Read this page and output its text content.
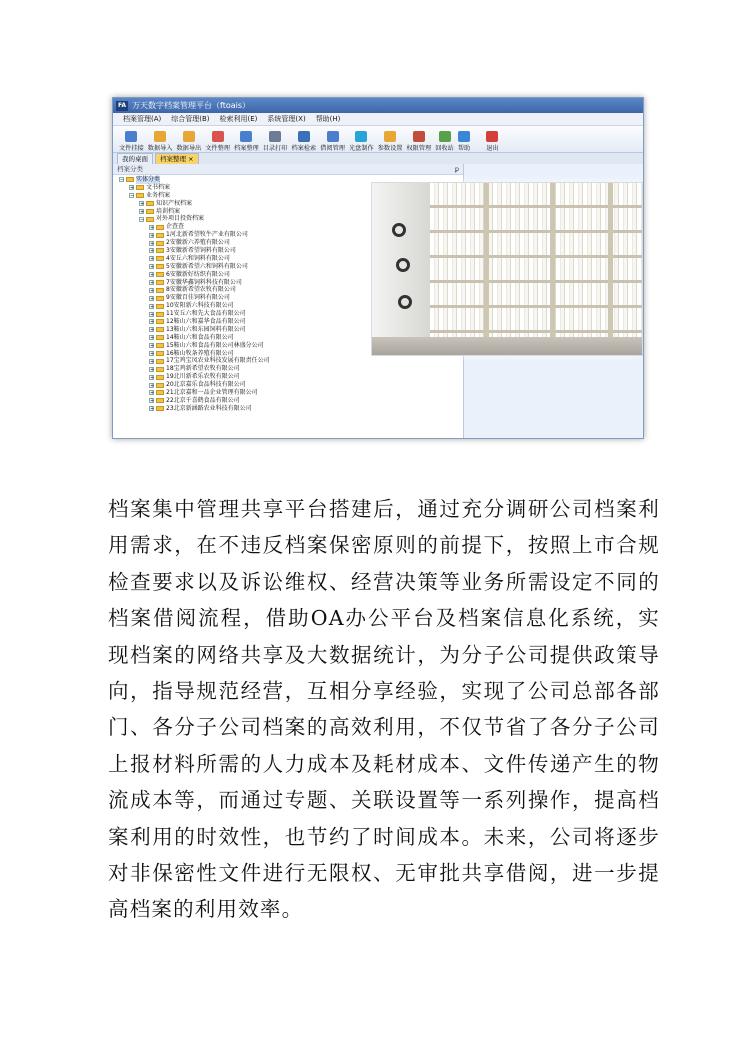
FA 万天数字档案管理平台（ftoais）
档案管理(A) 综合管理(B) 检索利用(E) 系统管理(X) 帮助(H)
文件挂接 数据导入 数据导出 文件整理 档案整理 目录打印 档案检索 借阅管理 光盘制作 参数设置 权限管理 回收站 帮助	退出
我的桌面	档案整理 ×
档案分类	ꝑ
− 实体分类
+ 文书档案
− 业务档案
+ 知识产权档案
+ 培训档案
− 对外项目投资档案
+ 企查查
+ 1河北新希望牧牛产业有限公司
+ 2安徽新六养殖有限公司
+ 3安徽新希望饲料有限公司
+ 4安丘六和饲料有限公司
+ 5安徽新希望六和饲料有限公司
+ 6安徽新好纺织有限公司
+ 7安徽华鑫饲料科技有限公司
+ 8安徽新希望农牧有限公司
+ 9安徽百佳饲料有限公司
+ 10安阳新六科技有限公司
+ 11安丘六和先大食品有限公司
+ 12鞍山六和嘉华食品有限公司
+ 13鞍山六和东园饲料有限公司
+ 14鞍山六和食品有限公司
+ 15鞍山六和食品有限公司林盛分公司
+ 16鞍山牧条养殖有限公司
+ 17宝鸡宝凤农业科技发展有限责任公司
+ 18宝鸡新希望农牧有限公司
+ 19北川新希乐农牧有限公司
+ 20北京嘉乐食品科技有限公司
+ 21北京嘉和一品企业管理有限公司
+ 22北京千喜鹤食品有限公司
+ 23北京新涵路农业科技有限公司

档案集中管理共享平台搭建后，通过充分调研公司档案利用需求，在不违反档案保密原则的前提下，按照上市合规检查要求以及诉讼维权、经营决策等业务所需设定不同的档案借阅流程，借助OA办公平台及档案信息化系统，实现档案的网络共享及大数据统计，为分子公司提供政策导向，指导规范经营，互相分享经验，实现了公司总部各部门、各分子公司档案的高效利用，不仅节省了各分子公司上报材料所需的人力成本及耗材成本、文件传递产生的物流成本等，而通过专题、关联设置等一系列操作，提高档案利用的时效性，也节约了时间成本。未来，公司将逐步对非保密性文件进行无限权、无审批共享借阅，进一步提高档案的利用效率。
